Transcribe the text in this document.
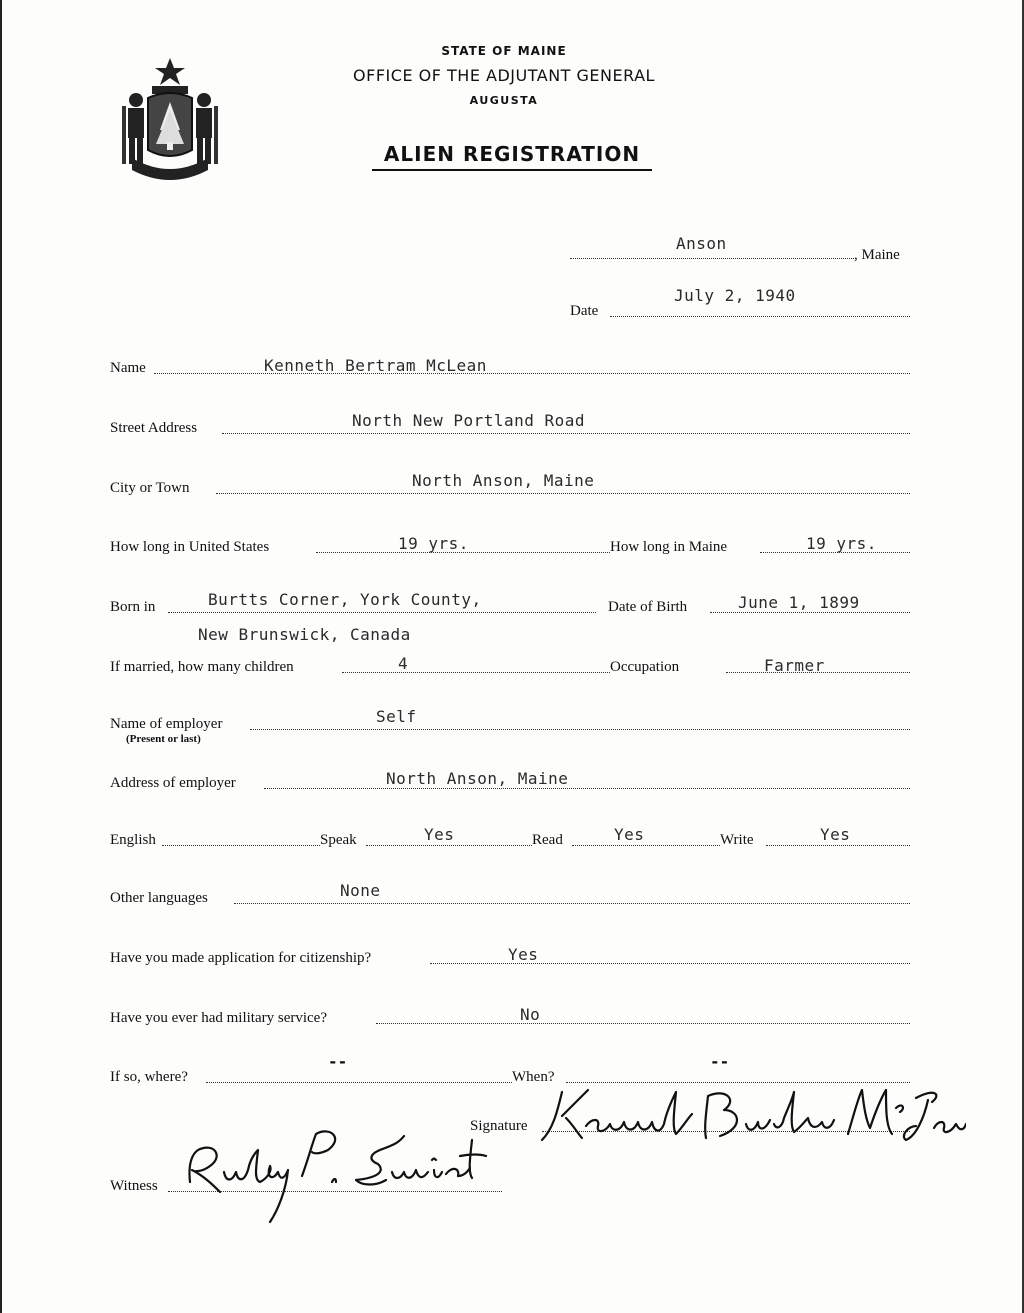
STATE OF MAINE
OFFICE OF THE ADJUTANT GENERAL
AUGUSTA
ALIEN REGISTRATION
Anson
, Maine
Date
July 2, 1940
Name	Kenneth Bertram McLean
Street Address	North New Portland Road
City or Town	North Anson, Maine
How long in United States	19 yrs.	How long in Maine	19 yrs.
Born in	Burtts Corner, York County,
New Brunswick, Canada
Date of Birth	June 1, 1899
If married, how many children	4	Occupation	Farmer
Name of employer
(Present or last)
Self
Address of employer	North Anson, Maine
English	Speak	Yes	Read	Yes	Write	Yes
Other languages	None
Have you made application for citizenship?	Yes
Have you ever had military service?	No
If so, where?
--
When?
--
Signature
Witness
